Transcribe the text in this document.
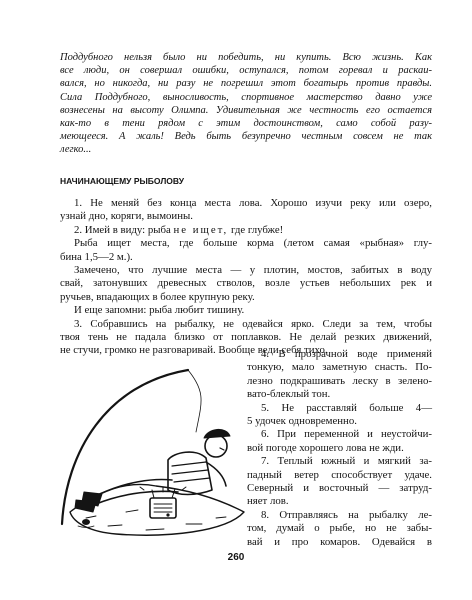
Поддубного нельзя было ни победить, ни купить. Всю жизнь. Как
все люди, он совершал ошибки, оступался, потом горевал и раскаи-
вался, но никогда, ни разу не погрешил этот богатырь против правды.
Сила Поддубного, выносливость, спортивное мастерство давно уже
вознесены на высоту Олимпа. Удивительная же честность его остается
как-то в тени рядом с этим достоинством, само собой разу-
меющееся. А жаль! Ведь быть безупречно честным совсем не так
легко...
НАЧИНАЮЩЕМУ РЫБОЛОВУ
1. Не меняй без конца места лова. Хорошо изучи реку или озеро,
узнай дно, коряги, вымоины.
2. Имей в виду: рыба не ищет, где глубже!
Рыба ищет места, где больше корма (летом самая «рыбная» глу-
бина 1,5—2 м.).
Замечено, что лучшие места — у плотин, мостов, забитых в воду
свай, затонувших древесных стволов, возле устьев небольших рек и
ручьев, впадающих в более крупную реку.
И еще запомни: рыба любит тишину.
3. Собравшись на рыбалку, не одевайся ярко. Следи за тем, чтобы
твоя тень не падала близко от поплавков. Не делай резких движений,
не стучи, громко не разговаривай. Вообще веди себя тихо.
4. В прозрачной воде применяй
тонкую, мало заметную снасть. По-
лезно подкрашивать леску в зелено-
вато-блеклый тон.
5. Не расставляй больше 4—
5 удочек одновременно.
6. При переменной и неустойчи-
вой погоде хорошего лова не жди.
7. Теплый южный и мягкий за-
падный ветер способствует удаче.
Северный и восточный — затруд-
няет лов.
8. Отправляясь на рыбалку ле-
том, думай о рыбе, но не забы-
вай и про комаров. Одевайся в
260
